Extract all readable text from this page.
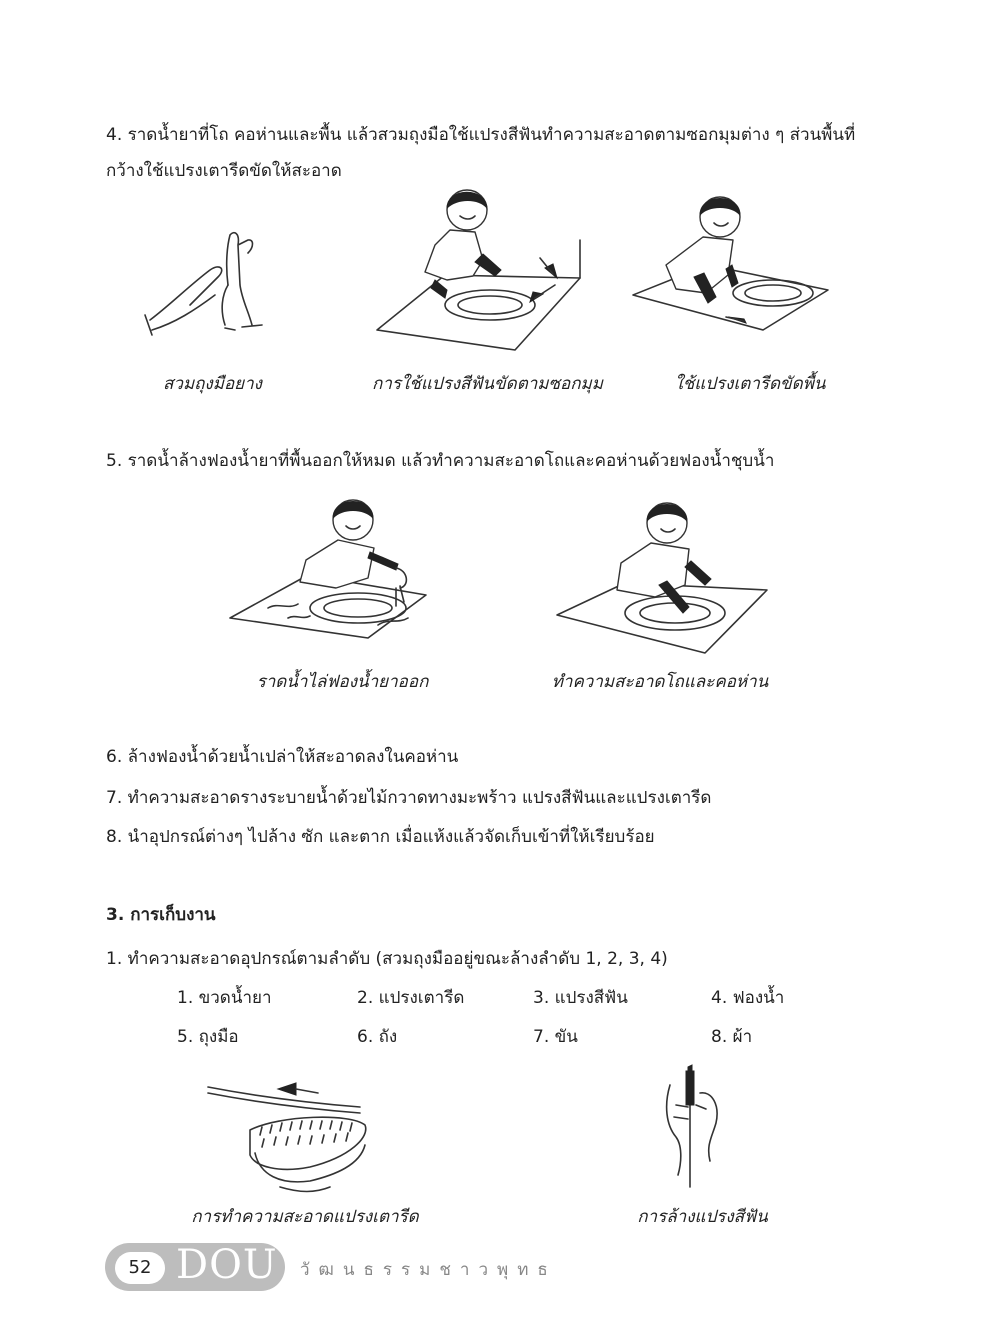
4. ราดน้ำยาที่โถ คอห่านและพื้น แล้วสวมถุงมือใช้แปรงสีฟันทำความสะอาดตามซอกมุมต่าง ๆ ส่วนพื้นที่
กว้างใช้แปรงเตารีดขัดให้สะอาด
สวมถุงมือยาง	การใช้แปรงสีฟันขัดตามซอกมุม	ใช้แปรงเตารีดขัดพื้น
5. ราดน้ำล้างฟองน้ำยาที่พื้นออกให้หมด แล้วทำความสะอาดโถและคอห่านด้วยฟองน้ำชุบน้ำ
ราดน้ำไล่ฟองน้ำยาออก	ทำความสะอาดโถและคอห่าน
6. ล้างฟองน้ำด้วยน้ำเปล่าให้สะอาดลงในคอห่าน
7. ทำความสะอาดรางระบายน้ำด้วยไม้กวาดทางมะพร้าว แปรงสีฟันและแปรงเตารีด
8. นำอุปกรณ์ต่างๆ ไปล้าง ซัก และตาก เมื่อแห้งแล้วจัดเก็บเข้าที่ให้เรียบร้อย
3. การเก็บงาน
1. ทำความสะอาดอุปกรณ์ตามลำดับ (สวมถุงมืออยู่ขณะล้างลำดับ 1, 2, 3, 4)
1. ขวดน้ำยา	2. แปรงเตารีด	3. แปรงสีฟัน	4. ฟองน้ำ
5. ถุงมือ	6. ถัง	7. ขัน	8. ผ้า
การทำความสะอาดแปรงเตารีด	การล้างแปรงสีฟัน
52 DOU วัฒนธรรมชาวพุทธ
